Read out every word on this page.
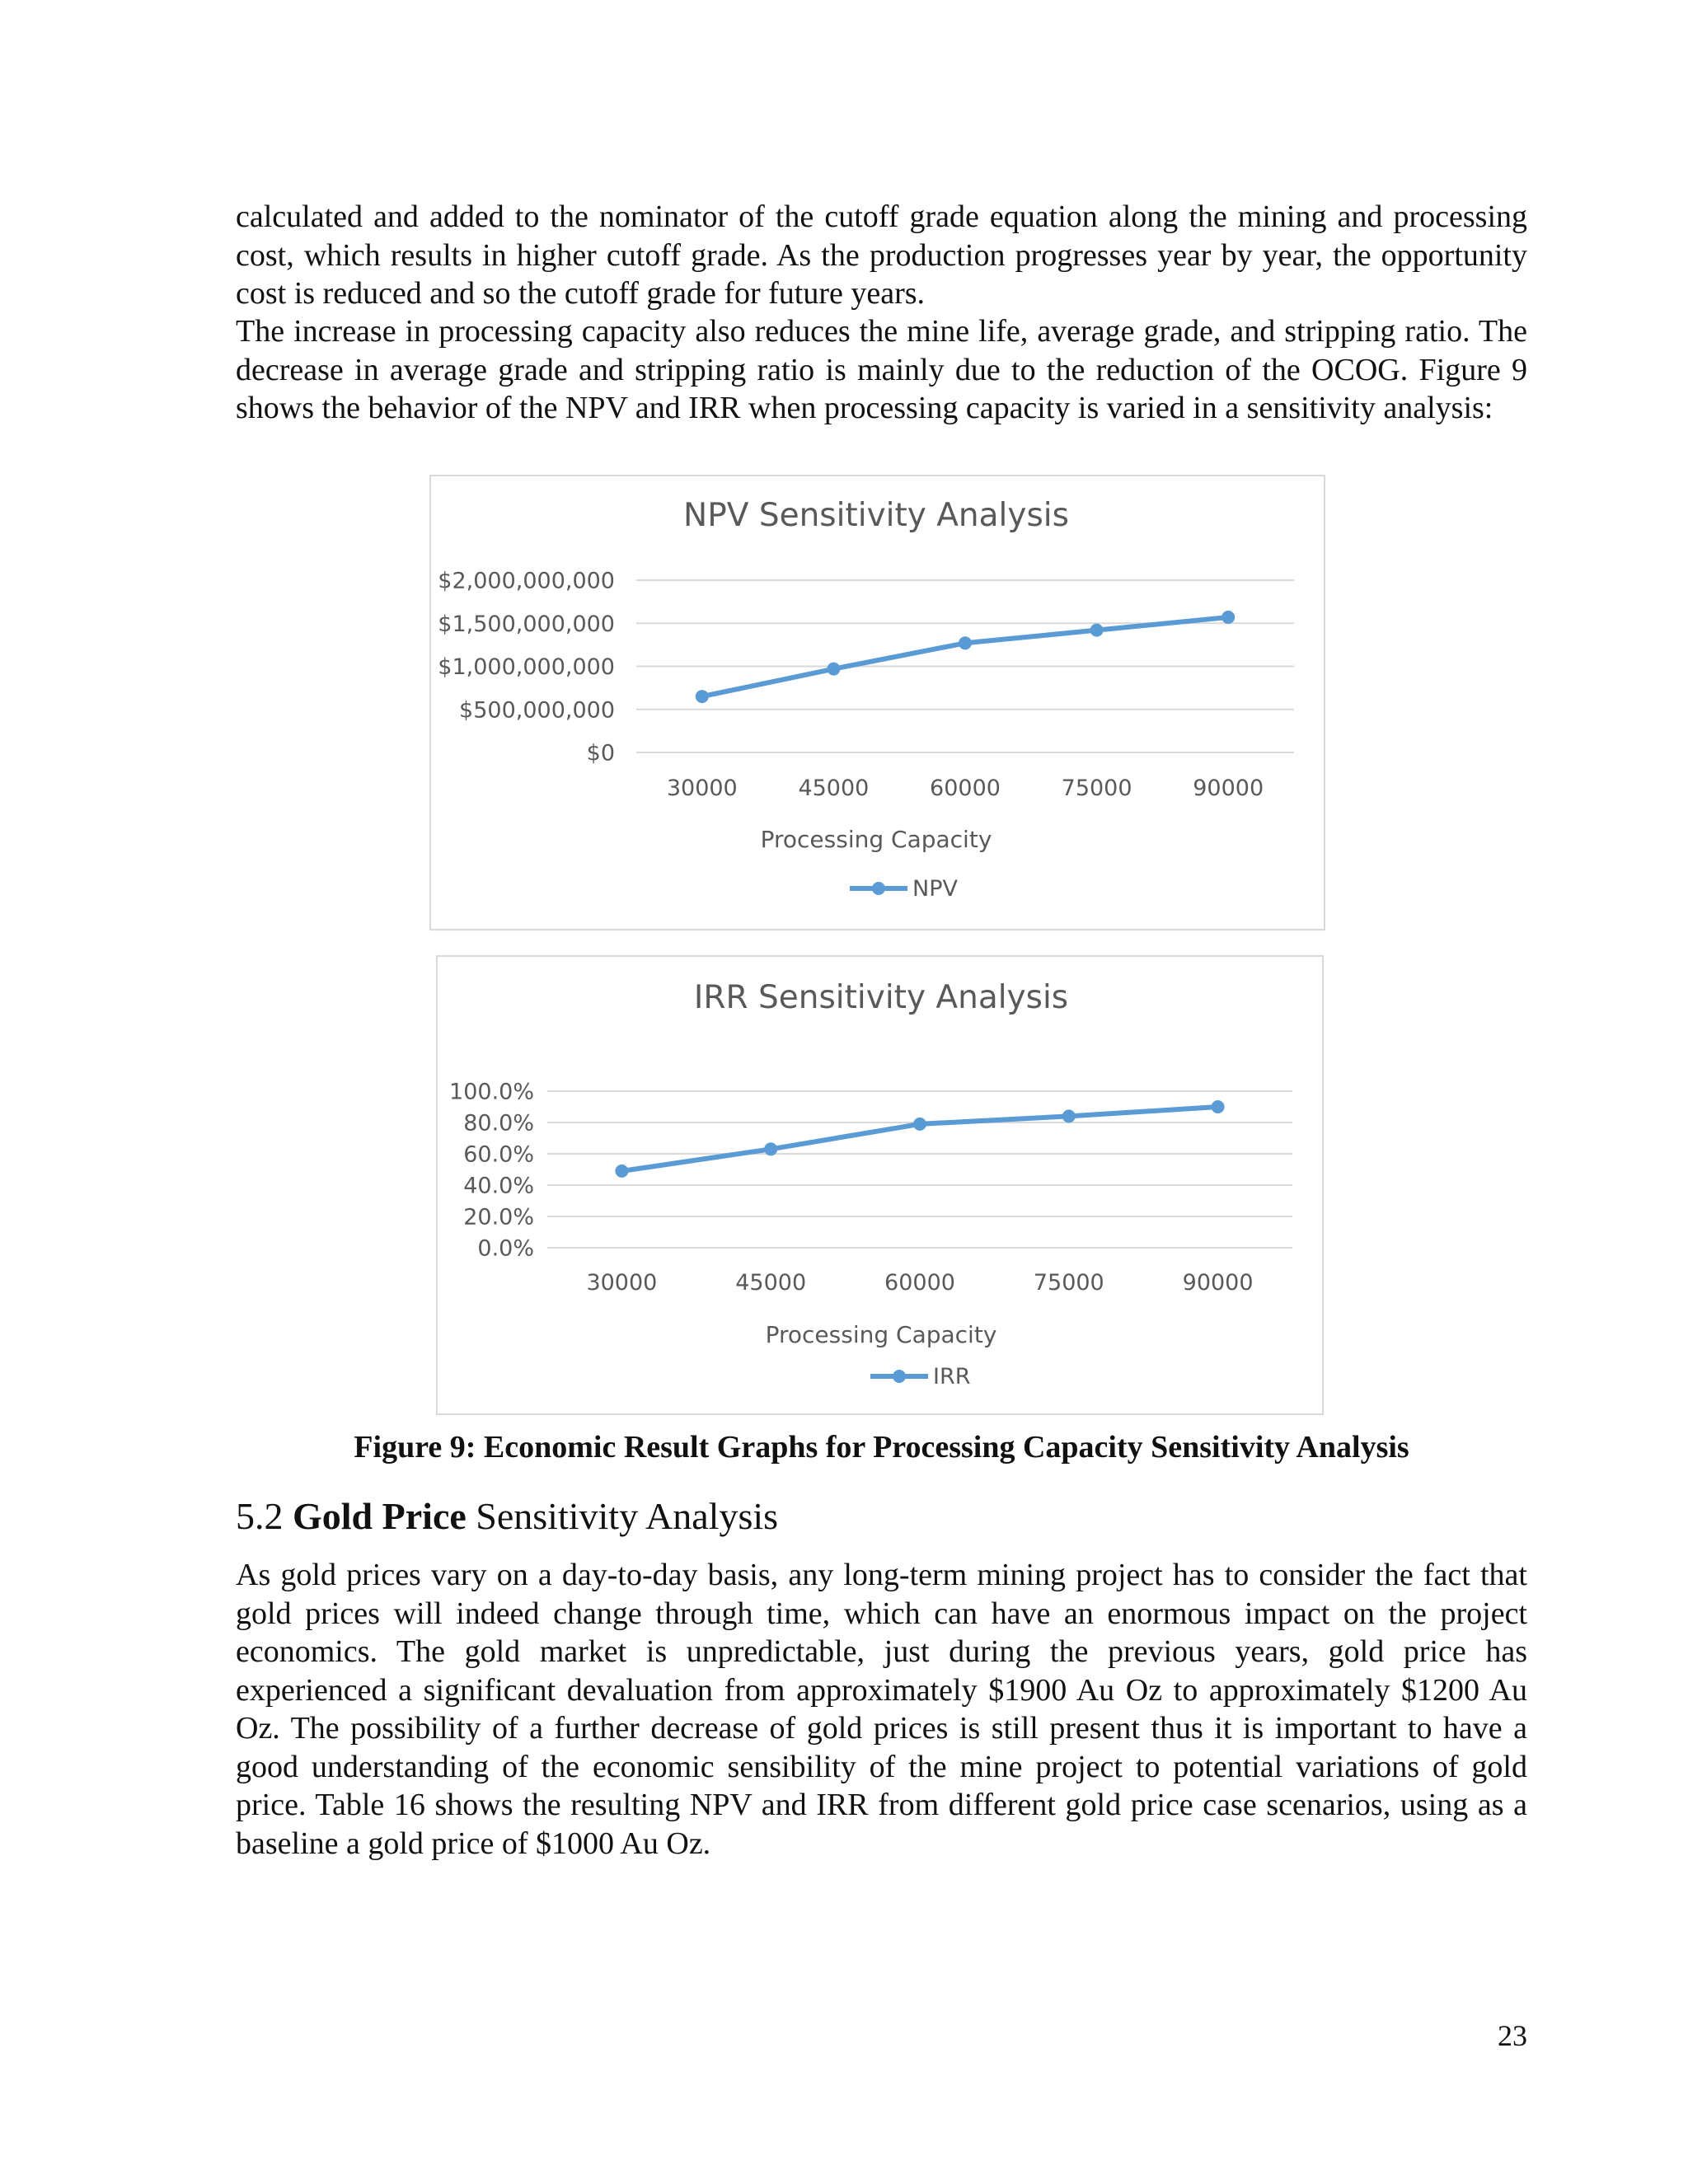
calculated and added to the nominator of the cutoff grade equation along the mining and processing cost, which results in higher cutoff grade. As the production progresses year by year, the opportunity cost is reduced and so the cutoff grade for future years.

The increase in processing capacity also reduces the mine life, average grade, and stripping ratio. The decrease in average grade and stripping ratio is mainly due to the reduction of the OCOG. Figure 9 shows the behavior of the NPV and IRR when processing capacity is varied in a sensitivity analysis:

NPV Sensitivity Analysis
$0
$500,000,000
$1,000,000,000
$1,500,000,000
$2,000,000,000
30000	45000	60000	75000	90000
Processing Capacity
NPV
IRR Sensitivity Analysis
0.0%
20.0%
40.0%
60.0%
80.0%
100.0%
30000	45000	60000	75000	90000
Processing Capacity
IRR
Figure 9: Economic Result Graphs for Processing Capacity Sensitivity Analysis
5.2 Gold Price Sensitivity Analysis

As gold prices vary on a day-to-day basis, any long-term mining project has to consider the fact that gold prices will indeed change through time, which can have an enormous impact on the project economics. The gold market is unpredictable, just during the previous years, gold price has experienced a significant devaluation from approximately $1900 Au Oz to approximately $1200 Au Oz. The possibility of a further decrease of gold prices is still present thus it is important to have a good understanding of the economic sensibility of the mine project to potential variations of gold price. Table 16 shows the resulting NPV and IRR from different gold price case scenarios, using as a baseline a gold price of $1000 Au Oz.

23
